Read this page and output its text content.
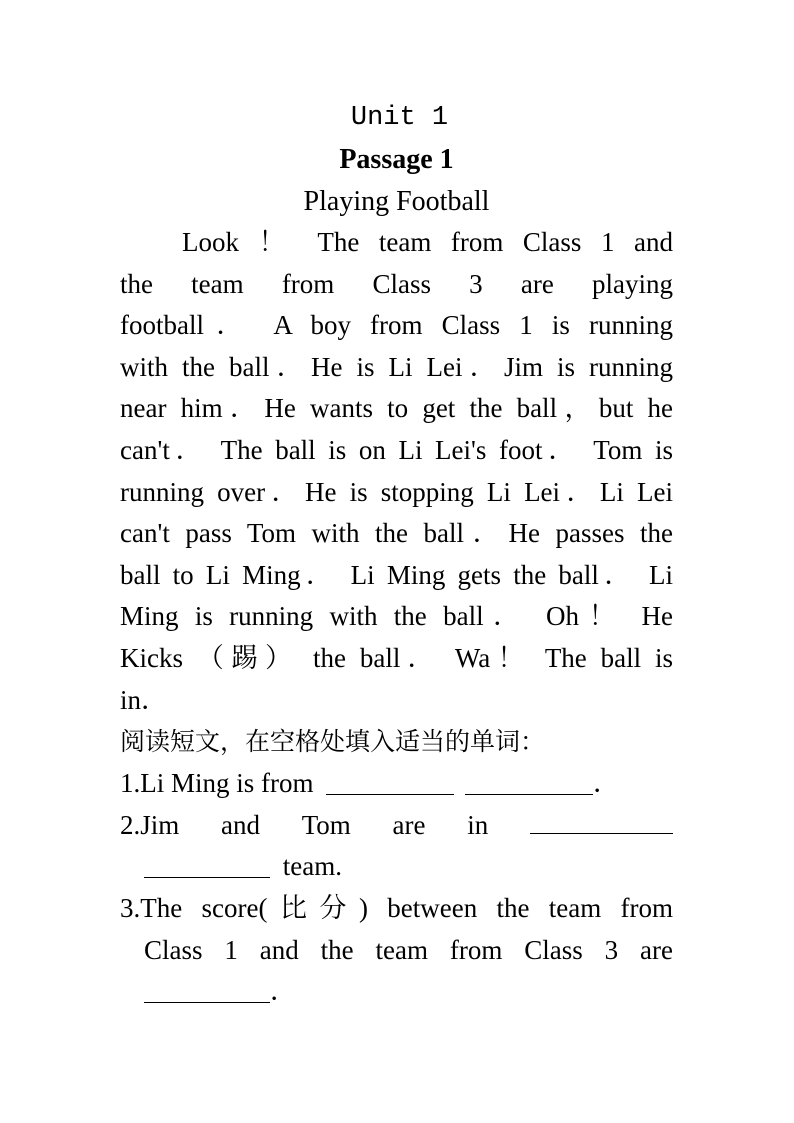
Unit 1
Passage 1
Playing Football
Look ！ The team from Class 1 and
the team from Class 3 are playing
football． A boy from Class 1 is running
with the ball．He is Li Lei．Jim is running
near him．He wants to get the ball，but he
can't． The ball is on Li Lei's foot． Tom is
running over．He is stopping Li Lei．Li Lei
can't pass Tom with the ball．He passes the
ball to Li Ming． Li Ming gets the ball． Li
Ming is running with the ball． Oh！ He
Kicks （踢） the ball． Wa！ The ball is
in．
阅读短文，在空格处填入适当的单词：
1.Li Ming is from	．
2.Jim and Tom are in
team.
3. The score(比分) between the team from
Class 1 and the team from Class 3 are
．
